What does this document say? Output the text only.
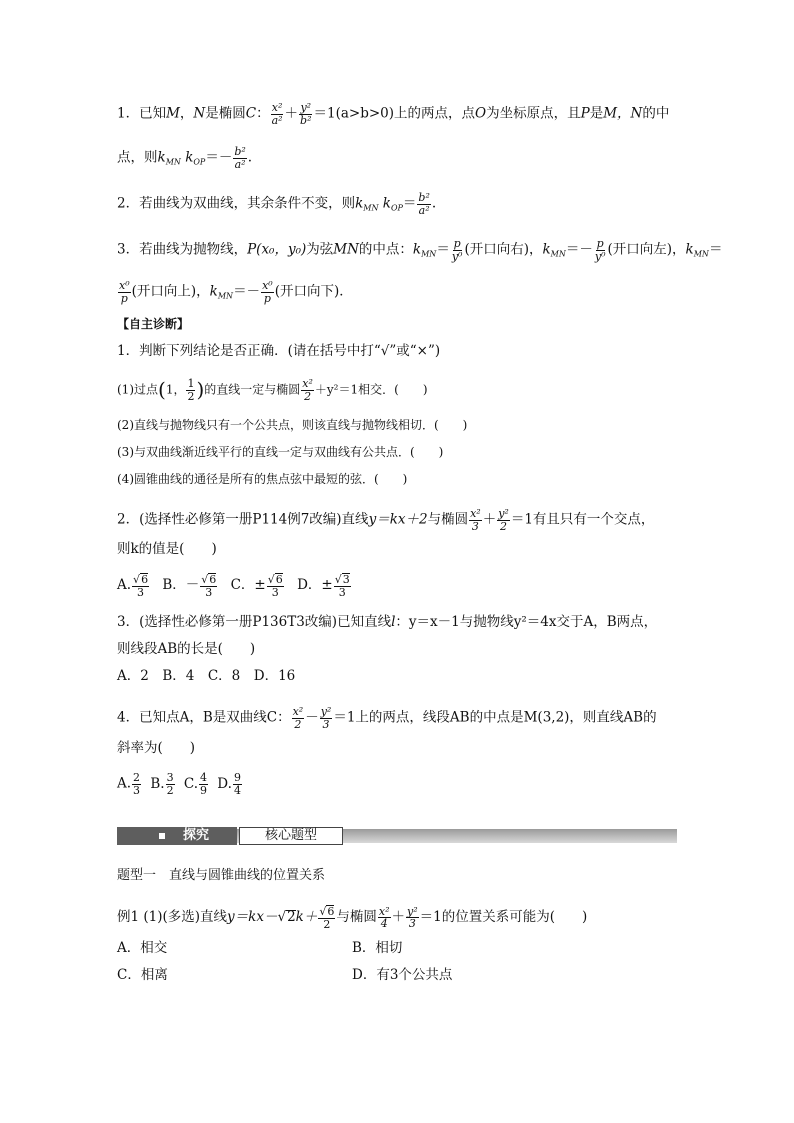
1．已知M，N是椭圆C： $\frac{\text{x²}}{\text{a²}} + \frac{\text{y²}}{\text{b²}} =1(a>b>0)$上的两点，点O为坐标原点，且P是M，N的中
点，则$k_{MN}$ $k_{OP}=- \frac{\text{b²}}{\text{a²}}$ .
2．若曲线为双曲线，其余条件不变，则$k_{MN}$ $k_{OP}= \frac{\text{b²}}{\text{a²}}$ .
3．若曲线为抛物线，P(x₀，y₀)为弦MN的中点：$k_{MN}= \frac{p}{\text{y⁰}}$ (开口向右)，$k_{MN}=- \frac{p}{\text{y⁰}}$ (开口向左)，$k_{MN}=$
$\frac{\text{x⁰}}{p}$ (开口向上)，$k_{MN}=- \frac{\text{x⁰}}{p}$ (开口向下)．
【自主诊断】
1．判断下列结论是否正确．(请在括号中打“√”或“×”)
(1)过点(1， $\frac{1}{2}$ )的直线一定与椭圆 $\frac{\text{x²}}{2} +y^2=1$相交．(　　)
(2)直线与抛物线只有一个公共点，则该直线与抛物线相切．(　　)
(3)与双曲线渐近线平行的直线一定与双曲线有公共点．(　　)
(4)圆锥曲线的通径是所有的焦点弦中最短的弦．(　　)
2．(选择性必修第一册P114例7改编)直线y＝kx＋2与椭圆 $\frac{\text{x²}}{3} + \frac{\text{y²}}{2} =1$有且只有一个交点，
则k的值是(　　)
A. $\frac{√6}{3}$ B．－ $\frac{√6}{3}$ C．± $\frac{√6}{3}$ D．± $\frac{√3}{3}$
3．(选择性必修第一册P136T3改编)已知直线l：y＝x－1与抛物线y²＝4x交于A，B两点，
则线段AB的长是(　　)
A．2　B．4　C．8　D．16
4．已知点A，B是双曲线C： $\frac{\text{x²}}{2} - \frac{\text{y²}}{3} =1$上的两点，线段AB的中点是M(3,2)，则直线AB的
斜率为(　　)
A. $\frac{2}{3} B$. $\frac{3}{2} C$. $\frac{4}{9} D$. $\frac{9}{4}$
探究	核心题型
题型一　直线与圆锥曲线的位置关系
例1 (1)(多选)直线$y=kx-√2k+ \frac{√6}{2}$ 与椭圆 $\frac{\text{x²}}{4} + \frac{\text{y²}}{3} =1$的位置关系可能为(　　)
A．相交	B．相切
C．相离	D．有3个公共点
